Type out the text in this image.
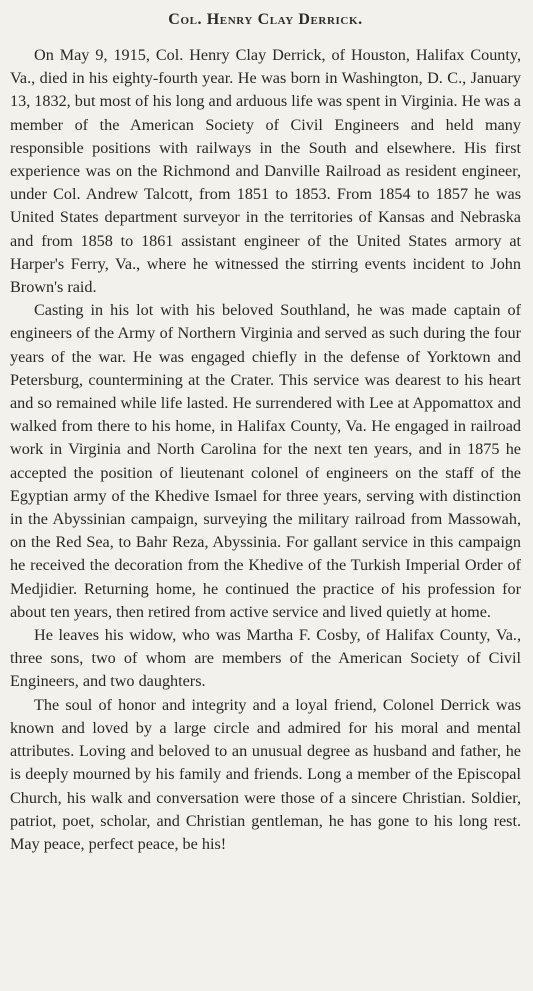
Col. Henry Clay Derrick.

On May 9, 1915, Col. Henry Clay Derrick, of Houston, Halifax County, Va., died in his eighty-fourth year. He was born in Washington, D. C., January 13, 1832, but most of his long and arduous life was spent in Virginia. He was a member of the American Society of Civil Engineers and held many responsible positions with railways in the South and elsewhere. His first experience was on the Richmond and Danville Railroad as resident engineer, under Col. Andrew Talcott, from 1851 to 1853. From 1854 to 1857 he was United States department surveyor in the territories of Kansas and Nebraska and from 1858 to 1861 assistant engineer of the United States armory at Harper's Ferry, Va., where he witnessed the stirring events incident to John Brown's raid.

Casting in his lot with his beloved Southland, he was made captain of engineers of the Army of Northern Virginia and served as such during the four years of the war. He was engaged chiefly in the defense of Yorktown and Petersburg, countermining at the Crater. This service was dearest to his heart and so remained while life lasted. He surrendered with Lee at Appomattox and walked from there to his home, in Halifax County, Va. He engaged in railroad work in Virginia and North Carolina for the next ten years, and in 1875 he accepted the position of lieutenant colonel of engineers on the staff of the Egyptian army of the Khedive Ismael for three years, serving with distinction in the Abyssinian campaign, surveying the military railroad from Massowah, on the Red Sea, to Bahr Reza, Abyssinia. For gallant service in this campaign he received the decoration from the Khedive of the Turkish Imperial Order of Medjidier. Returning home, he continued the practice of his profession for about ten years, then retired from active service and lived quietly at home.

He leaves his widow, who was Martha F. Cosby, of Halifax County, Va., three sons, two of whom are members of the American Society of Civil Engineers, and two daughters.

The soul of honor and integrity and a loyal friend, Colonel Derrick was known and loved by a large circle and admired for his moral and mental attributes. Loving and beloved to an unusual degree as husband and father, he is deeply mourned by his family and friends. Long a member of the Episcopal Church, his walk and conversation were those of a sincere Christian. Soldier, patriot, poet, scholar, and Christian gentleman, he has gone to his long rest. May peace, perfect peace, be his!
